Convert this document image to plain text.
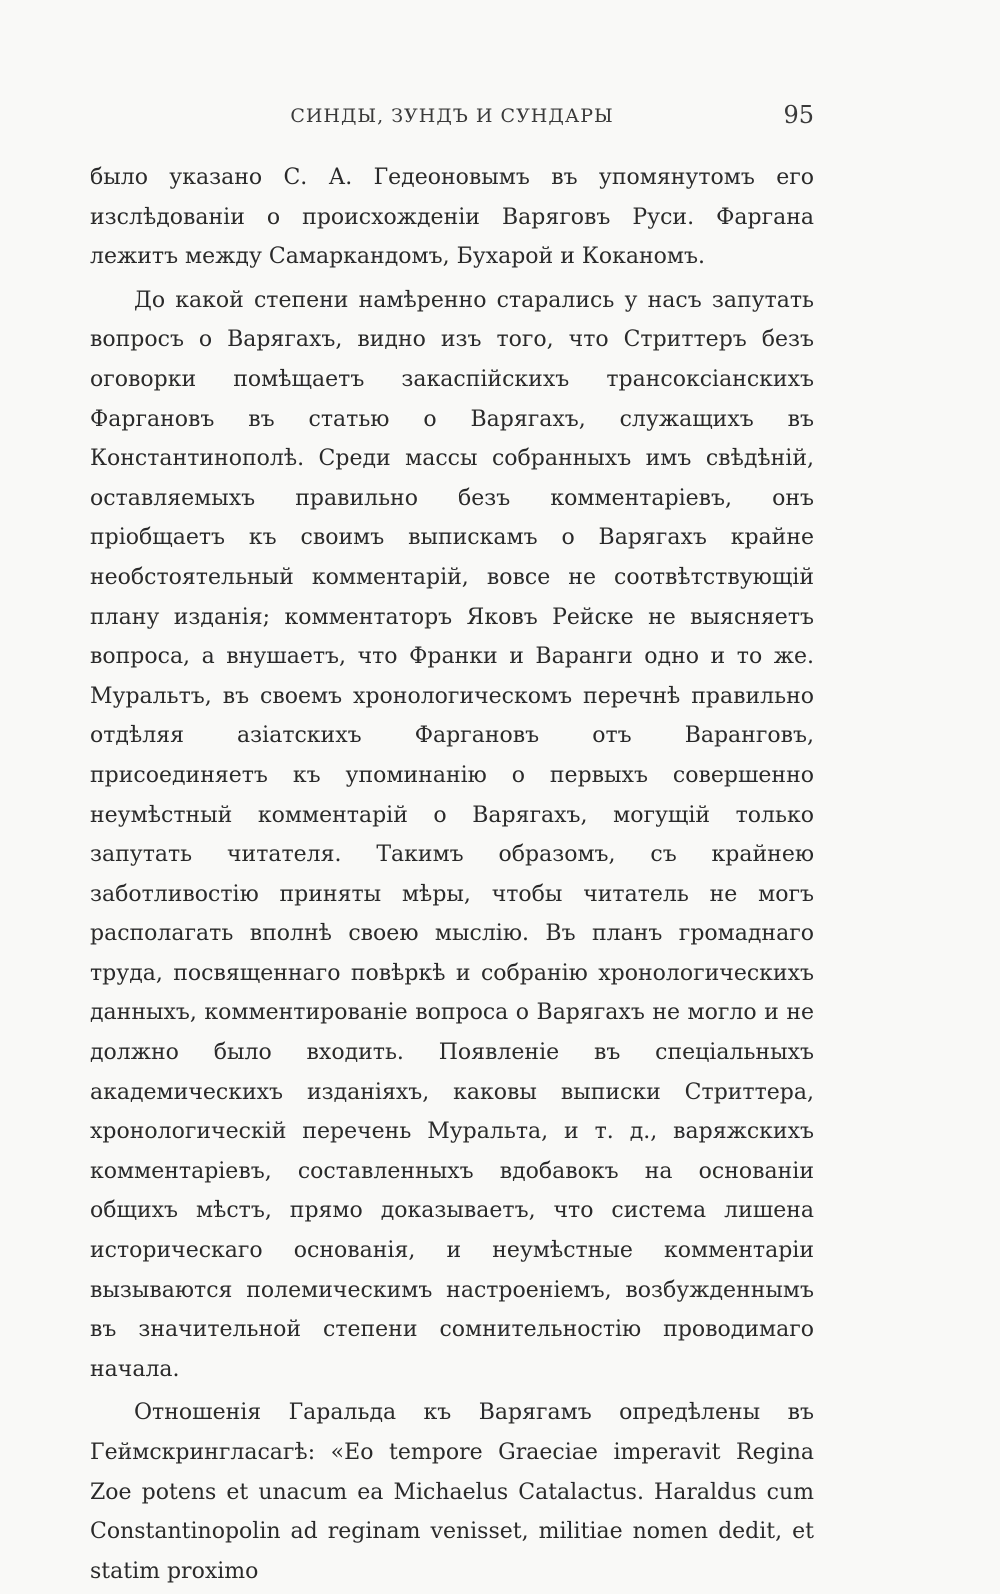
СИНДЫ, ЗУНДЪ И СУНДАРЫ	95

было указано С. А. Гедеоновымъ въ упомянутомъ его изслѣдованіи о происхожденіи Варяговъ Руси. Фаргана лежитъ между Самаркандомъ, Бухарой и Коканомъ.

До какой степени намѣренно старались у насъ запутать вопросъ о Варягахъ, видно изъ того, что Стриттеръ безъ оговорки помѣщаетъ закаспійскихъ трансоксіанскихъ Фаргановъ въ статью о Варягахъ, служащихъ въ Константинополѣ. Среди массы собранныхъ имъ свѣдѣній, оставляемыхъ правильно безъ комментаріевъ, онъ пріобщаетъ къ своимъ выпискамъ о Варягахъ крайне необстоятельный комментарій, вовсе не соотвѣтствующій плану изданія; комментаторъ Яковъ Рейске не выясняетъ вопроса, а внушаетъ, что Франки и Варанги одно и то же. Муральтъ, въ своемъ хронологическомъ перечнѣ правильно отдѣляя азіатскихъ Фаргановъ отъ Варанговъ, присоединяетъ къ упоминанію о первыхъ совершенно неумѣстный комментарій о Варягахъ, могущій только запутать читателя. Такимъ образомъ, съ крайнею заботливостію приняты мѣры, чтобы читатель не могъ располагать вполнѣ своею мыслію. Въ планъ громаднаго труда, посвященнаго повѣркѣ и собранію хронологическихъ данныхъ, комментированіе вопроса о Варягахъ не могло и не должно было входить. Появленіе въ спеціальныхъ академическихъ изданіяхъ, каковы выписки Стриттера, хронологическій перечень Муральта, и т. д., варяжскихъ комментаріевъ, составленныхъ вдобавокъ на основаніи общихъ мѣстъ, прямо доказываетъ, что система лишена историческаго основанія, и неумѣстные комментаріи вызываются полемическимъ настроеніемъ, возбужденнымъ въ значительной степени сомнительностію проводимаго начала.

Отношенія Гаральда къ Варягамъ опредѣлены въ Геймскрингласагѣ: «Eo tempore Graeciae imperavit Regina Zoe potens et unacum ea Michaelus Catalactus. Haraldus cum Constantinopolin ad reginam venisset, militiae nomen dedit, et statim proximo
